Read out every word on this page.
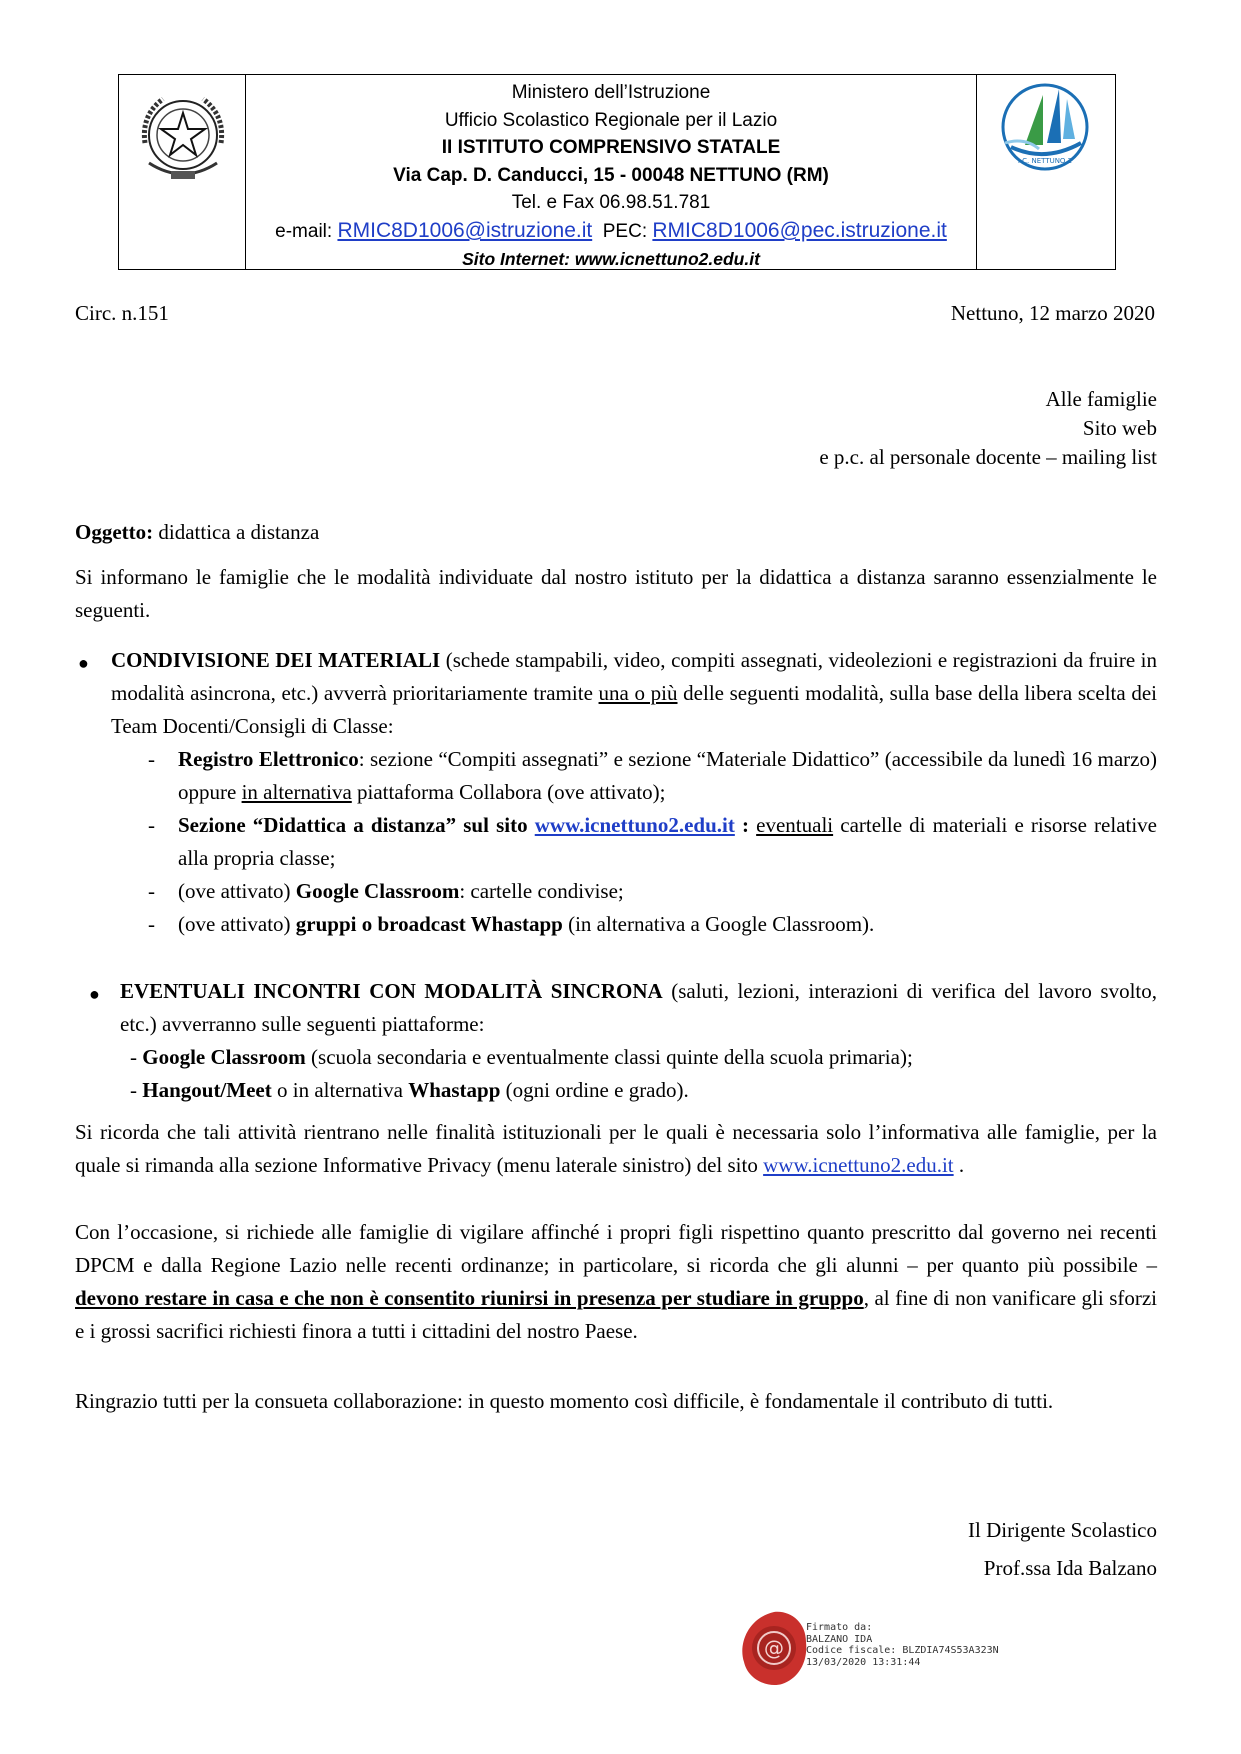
Ministero dell’Istruzione
Ufficio Scolastico Regionale per il Lazio
II ISTITUTO COMPRENSIVO STATALE
Via Cap. D. Canducci, 15 - 00048 NETTUNO (RM)
Tel. e Fax 06.98.51.781
e-mail: RMIC8D1006@istruzione.it  PEC: RMIC8D1006@pec.istruzione.it
Sito Internet: www.icnettuno2.edu.it
I.C. NETTUNO 2
Circ. n.151	Nettuno, 12 marzo 2020
Alle famiglie
Sito web
e p.c. al personale docente – mailing list
Oggetto: didattica a distanza
Si informano le famiglie che le modalità individuate dal nostro istituto per la didattica a distanza saranno essenzialmente le seguenti.
● CONDIVISIONE DEI MATERIALI (schede stampabili, video, compiti assegnati, videolezioni e registrazioni da fruire in modalità asincrona, etc.) avverrà prioritariamente tramite una o più delle seguenti modalità, sulla base della libera scelta dei Team Docenti/Consigli di Classe:
- Registro Elettronico: sezione “Compiti assegnati” e sezione “Materiale Didattico” (accessibile da lunedì 16 marzo) oppure in alternativa piattaforma Collabora (ove attivato);
- Sezione “Didattica a distanza” sul sito www.icnettuno2.edu.it : eventuali cartelle di materiali e risorse relative alla propria classe;
- (ove attivato) Google Classroom: cartelle condivise;
- (ove attivato) gruppi o broadcast Whastapp (in alternativa a Google Classroom).
● EVENTUALI INCONTRI CON MODALITÀ SINCRONA (saluti, lezioni, interazioni di verifica del lavoro svolto, etc.) avverranno sulle seguenti piattaforme:
- Google Classroom (scuola secondaria e eventualmente classi quinte della scuola primaria);
- Hangout/Meet o in alternativa Whastapp (ogni ordine e grado).
Si ricorda che tali attività rientrano nelle finalità istituzionali per le quali è necessaria solo l’informativa alle famiglie, per la quale si rimanda alla sezione Informative Privacy (menu laterale sinistro) del sito www.icnettuno2.edu.it .
Con l’occasione, si richiede alle famiglie di vigilare affinché i propri figli rispettino quanto prescritto dal governo nei recenti DPCM e dalla Regione Lazio nelle recenti ordinanze; in particolare, si ricorda che gli alunni – per quanto più possibile – devono restare in casa e che non è consentito riunirsi in presenza per studiare in gruppo, al fine di non vanificare gli sforzi e i grossi sacrifici richiesti finora a tutti i cittadini del nostro Paese.
Ringrazio tutti per la consueta collaborazione: in questo momento così difficile, è fondamentale il contributo di tutti.
Il Dirigente Scolastico
Prof.ssa Ida Balzano
@
Firmato da:
BALZANO IDA
Codice fiscale: BLZDIA74S53A323N
13/03/2020 13:31:44
